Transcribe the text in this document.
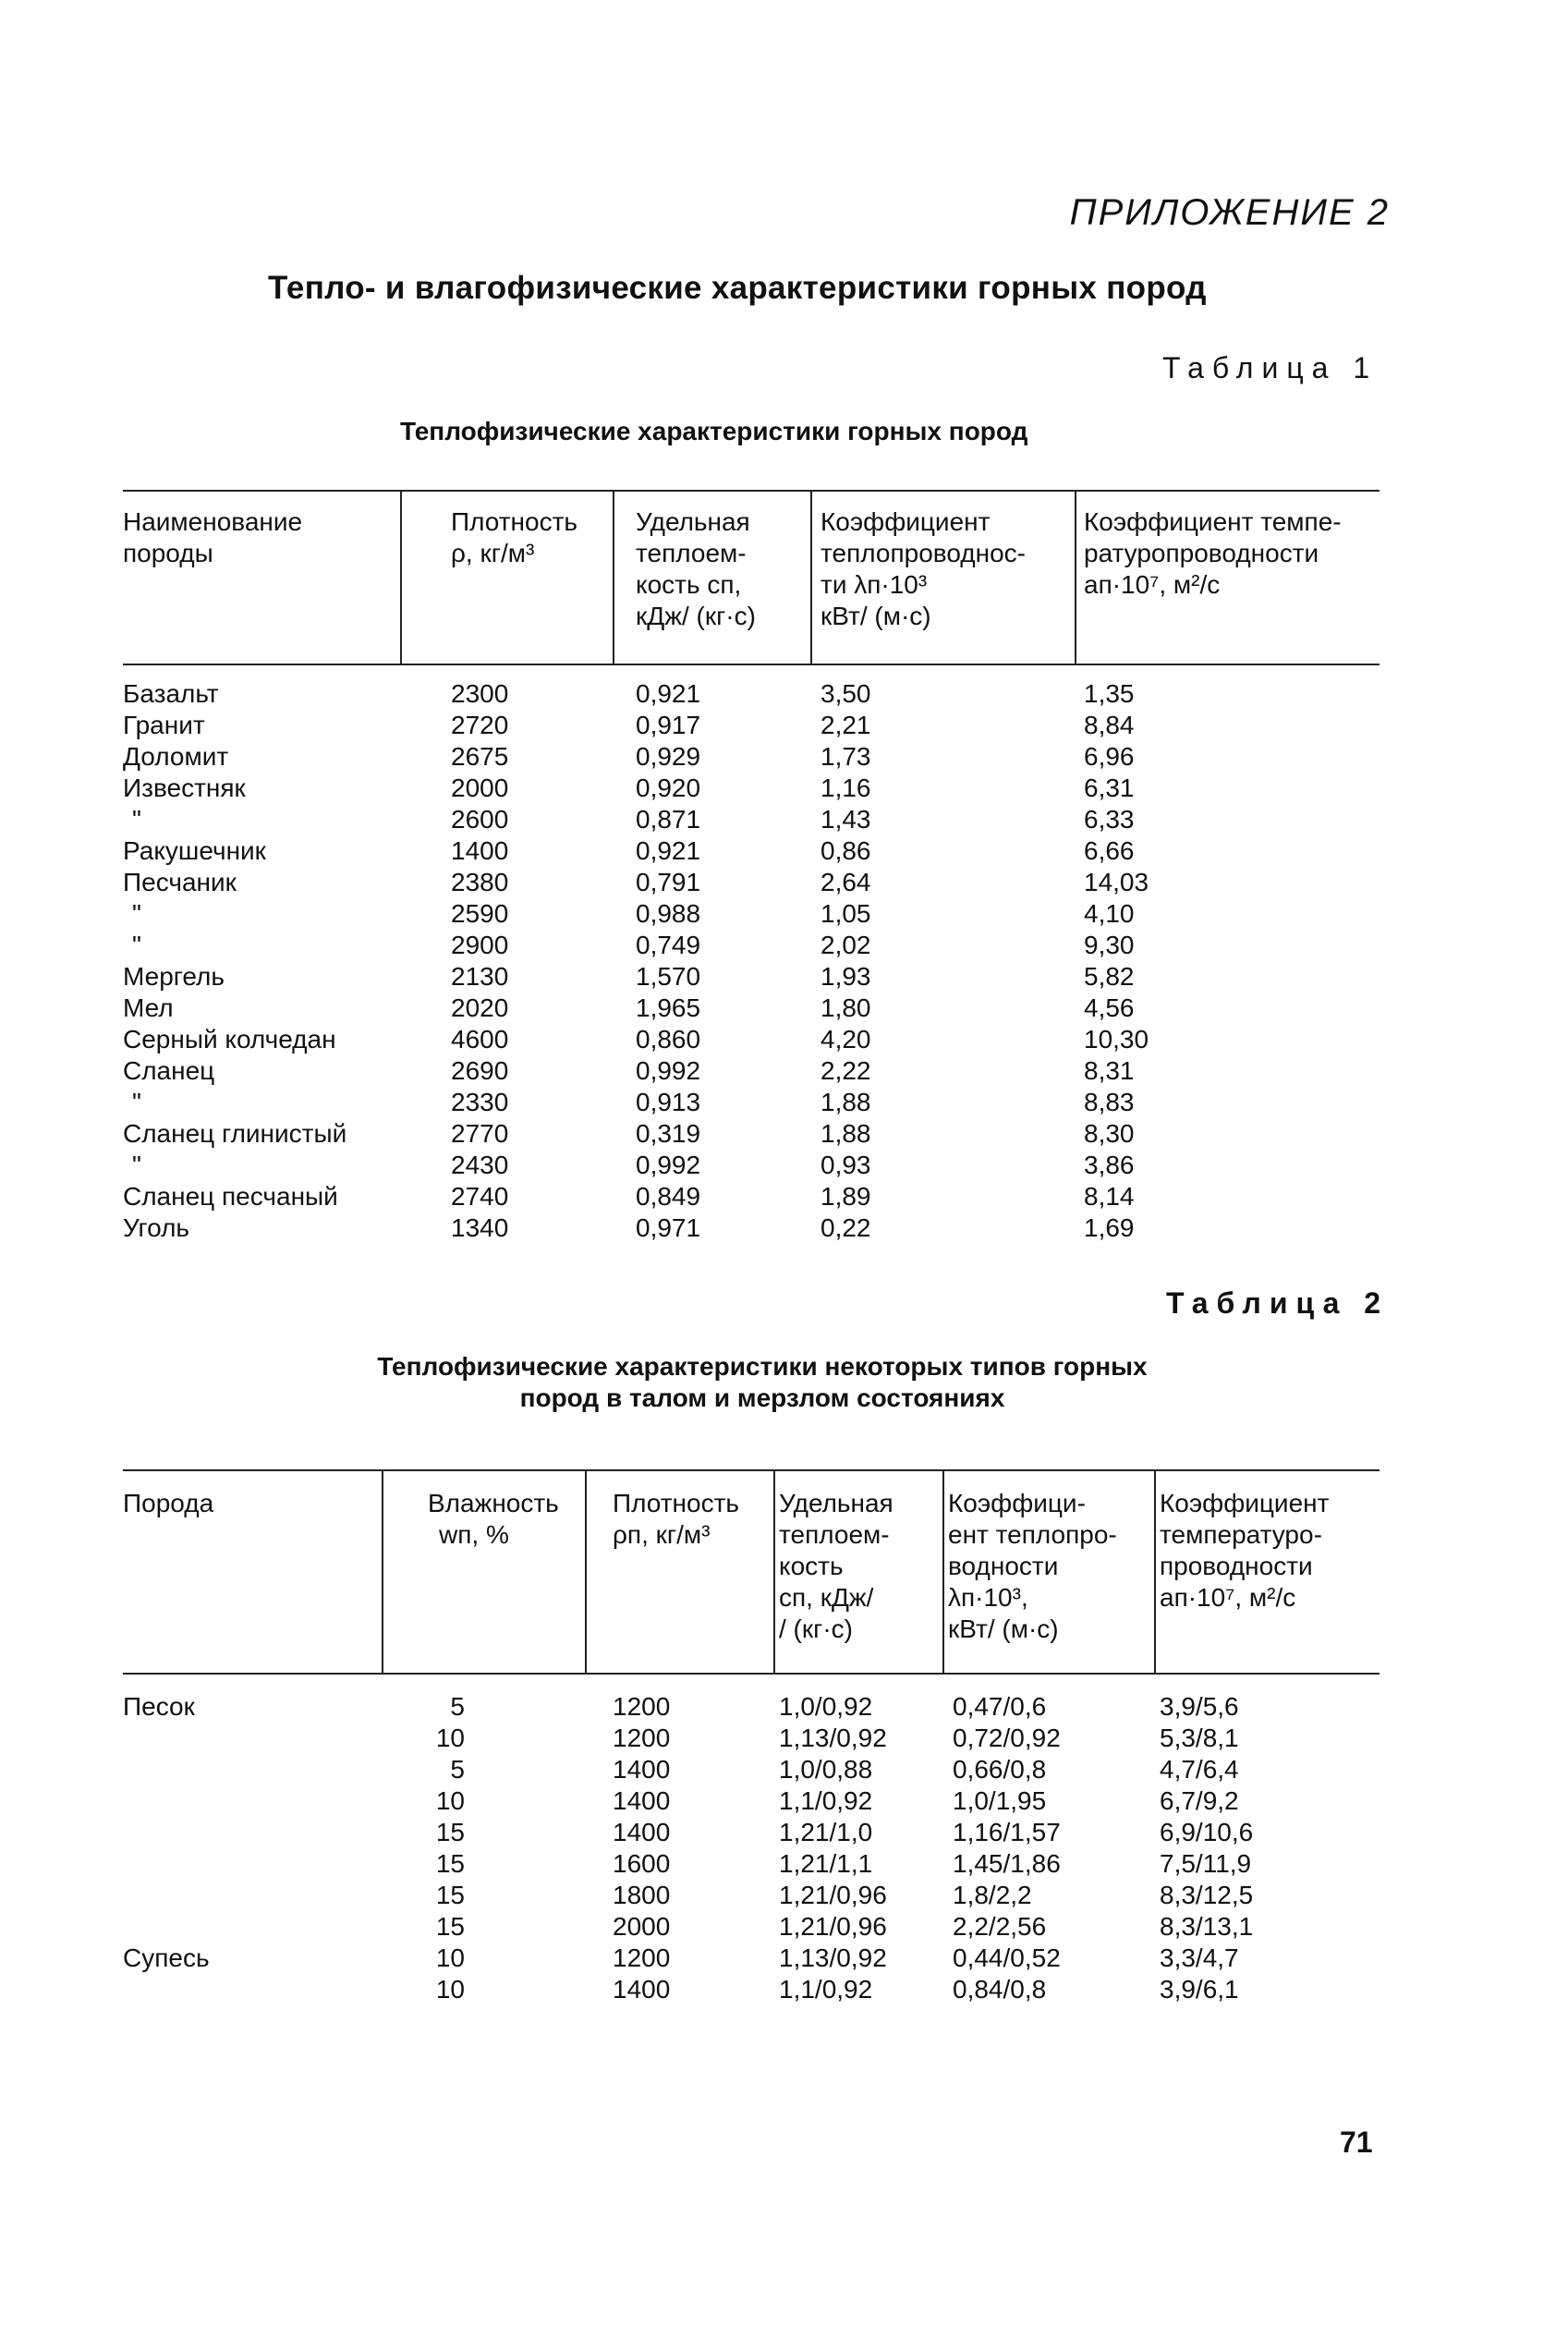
ПРИЛОЖЕНИЕ 2
Тепло- и влагофизические характеристики горных пород
Таблица 1
Теплофизические характеристики горных пород
Наименование
породы
Плотность
ρ, кг/м³
Удельная
теплоем-
кость cп,
кДж/ (кг·с)
Коэффициент
теплопроводнос-
ти λп·10³
кВт/ (м·с)
Коэффициент темпе-
ратуропроводности
aп·10⁷, м²/с
Базальт
Гранит
Доломит
Известняк
"
Ракушечник
Песчаник
"
"
Мергель
Мел
Серный колчедан
Сланец
"
Сланец глинистый
"
Сланец песчаный
Уголь
2300
2720
2675
2000
2600
1400
2380
2590
2900
2130
2020
4600
2690
2330
2770
2430
2740
1340
0,921
0,917
0,929
0,920
0,871
0,921
0,791
0,988
0,749
1,570
1,965
0,860
0,992
0,913
0,319
0,992
0,849
0,971
3,50
2,21
1,73
1,16
1,43
0,86
2,64
1,05
2,02
1,93
1,80
4,20
2,22
1,88
1,88
0,93
1,89
0,22
1,35
8,84
6,96
6,31
6,33
6,66
14,03
4,10
9,30
5,82
4,56
10,30
8,31
8,83
8,30
3,86
8,14
1,69
Таблица 2
Теплофизические характеристики некоторых типов горных
пород в талом и мерзлом состояниях
Порода	Влажность
wп, %
Плотность
ρп, кг/м³
Удельная
теплоем-
кость
cп, кДж/
/ (кг·с)
Коэффици-
ент теплопро-
водности
λп·10³,
кВт/ (м·с)
Коэффициент
температуро-
проводности
aп·10⁷, м²/с
Песок
Супесь
5
10
5
10
15
15
15
15
10
10
1200
1200
1400
1400
1400
1600
1800
2000
1200
1400
1,0/0,92
1,13/0,92
1,0/0,88
1,1/0,92
1,21/1,0
1,21/1,1
1,21/0,96
1,21/0,96
1,13/0,92
1,1/0,92
0,47/0,6
0,72/0,92
0,66/0,8
1,0/1,95
1,16/1,57
1,45/1,86
1,8/2,2
2,2/2,56
0,44/0,52
0,84/0,8
3,9/5,6
5,3/8,1
4,7/6,4
6,7/9,2
6,9/10,6
7,5/11,9
8,3/12,5
8,3/13,1
3,3/4,7
3,9/6,1
71
